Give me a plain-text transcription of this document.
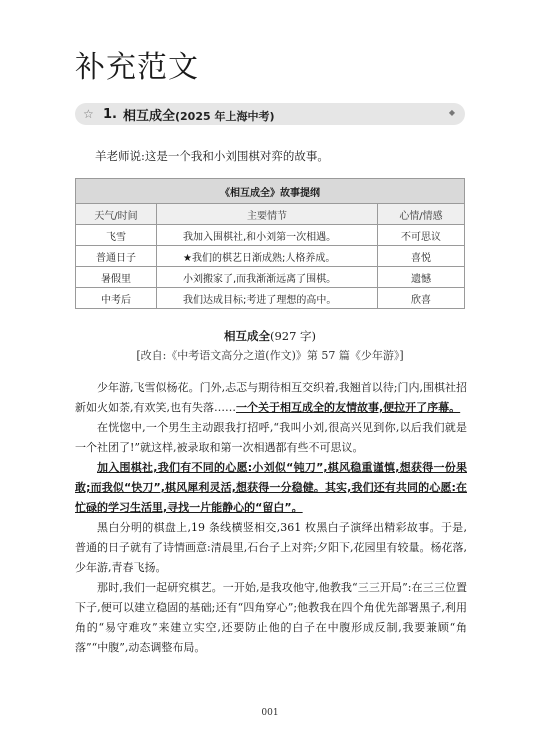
补充范文
☆ 1. 相互成全(2025 年上海中考)	◆
羊老师说:这是一个我和小刘围棋对弈的故事。
《相互成全》故事提纲		
天气/时间	主要情节	心情/情感
飞雪	我加入围棋社,和小刘第一次相遇。	不可思议
普通日子	★我们的棋艺日渐成熟;人格养成。	喜悦
暑假里	小刘搬家了,而我渐渐远离了围棋。	遗憾
中考后	我们达成目标;考进了理想的高中。	欣喜
相互成全(927 字)
[改自:《中考语文高分之道(作文)》第 57 篇《少年游》]

少年游,飞雪似杨花。门外,忐忑与期待相互交织着,我翘首以待;门内,围棋社招新如火如荼,有欢笑,也有失落……一个关于相互成全的友情故事,便拉开了序幕。

在恍惚中,一个男生主动跟我打招呼,“我叫小刘,很高兴见到你,以后我们就是一个社团了!”就这样,被录取和第一次相遇都有些不可思议。

加入围棋社,我们有不同的心愿:小刘似“钝刀”,棋风稳重谨慎,想获得一份果敢;而我似“快刀”,棋风犀利灵活,想获得一分稳健。其实,我们还有共同的心愿:在忙碌的学习生活里,寻找一片能静心的“留白”。

黑白分明的棋盘上,19 条线横竖相交,361 枚黑白子演绎出精彩故事。于是,普通的日子就有了诗情画意:清晨里,石台子上对弈;夕阳下,花园里有较量。杨花落,少年游,青春飞扬。

那时,我们一起研究棋艺。一开始,是我攻他守,他教我“三三开局”:在三三位置下子,便可以建立稳固的基础;还有“四角穿心”;他教我在四个角优先部署黑子,利用角的“易守难攻”来建立实空,还要防止他的白子在中腹形成反制,我要兼顾“角落”“中腹”,动态调整布局。

001
